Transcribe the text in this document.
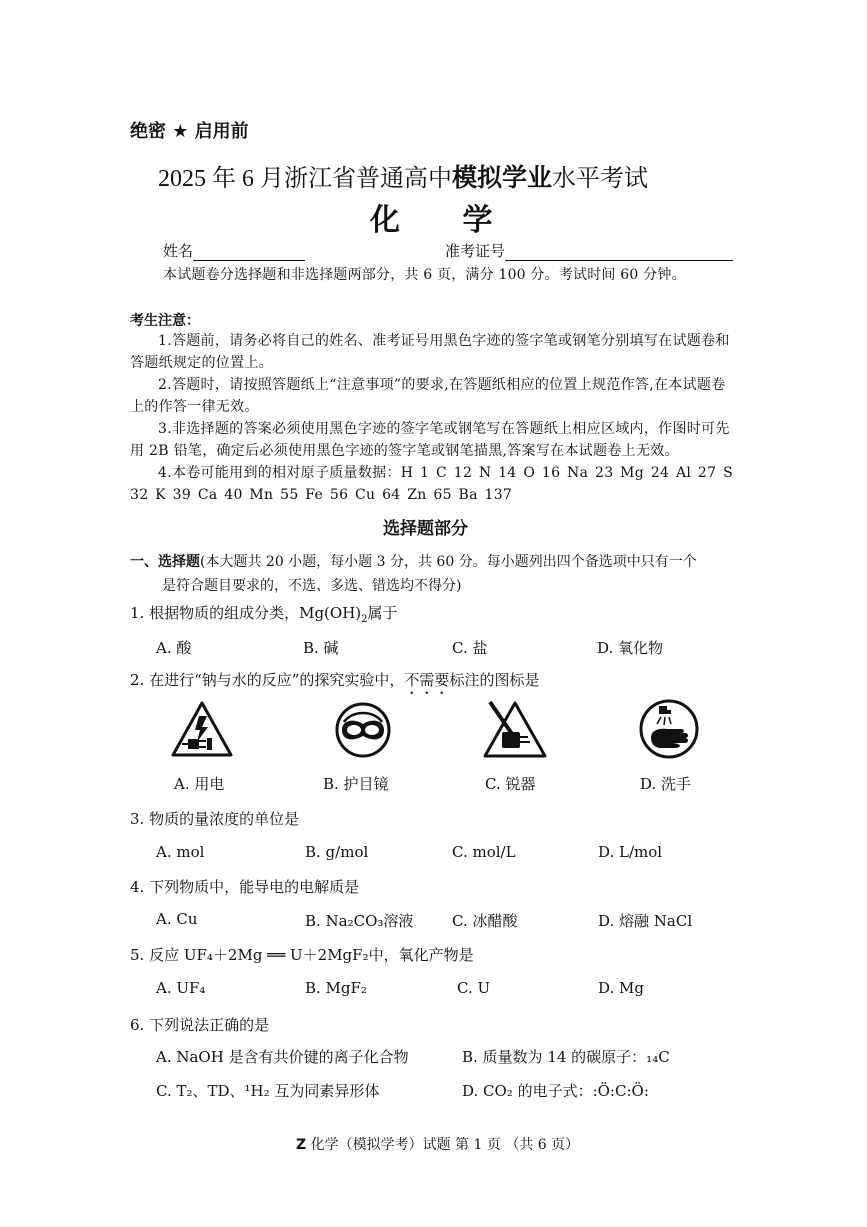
绝密 ★ 启用前
2025 年 6 月浙江省普通高中模拟学业水平考试
化 学
姓名	准考证号
本试题卷分选择题和非选择题两部分，共 6 页，满分 100 分。考试时间 60 分钟。
考生注意：
1.答题前，请务必将自己的姓名、准考证号用黑色字迹的签字笔或钢笔分别填写在试题卷和答题纸规定的位置上。
2.答题时，请按照答题纸上“注意事项”的要求,在答题纸相应的位置上规范作答,在本试题卷上的作答一律无效。
3.非选择题的答案必须使用黑色字迹的签字笔或钢笔写在答题纸上相应区域内，作图时可先用 2B 铅笔，确定后必须使用黑色字迹的签字笔或钢笔描黑,答案写在本试题卷上无效。
4.本卷可能用到的相对原子质量数据：H 1 C 12 N 14 O 16 Na 23 Mg 24 Al 27 S 32 K 39 Ca 40 Mn 55 Fe 56 Cu 64 Zn 65 Ba 137
选择题部分
一、选择题(本大题共 20 小题，每小题 3 分，共 60 分。每小题列出四个备选项中只有一个
是符合题目要求的，不选、多选、错选均不得分)
1. 根据物质的组成分类，$Mg(OH)_2$属于
A. 酸	B. 碱	C. 盐	D. 氧化物
2. 在进行“钠与水的反应”的探究实验中，不需要标注的图标是
A. 用电	B. 护目镜	C. 锐器	D. 洗手
3. 物质的量浓度的单位是
A. mol	B. g/mol	C. mol/L	D. L/mol
4. 下列物质中，能导电的电解质是
A. Cu	B. Na₂CO₃溶液	C. 冰醋酸	D. 熔融 NaCl
5. 反应 UF₄＋2Mg ══ U＋2MgF₂中，氧化产物是
A. UF₄	B. MgF₂	C. U	D. Mg
6. 下列说法正确的是
A. NaOH 是含有共价键的离子化合物	B. 质量数为 14 的碳原子：₁₄C
C. T₂、TD、¹H₂ 互为同素异形体	D. CO₂ 的电子式：:Ö:C:Ö:
Z 化学（模拟学考）试题 第 1 页 （共 6 页）
